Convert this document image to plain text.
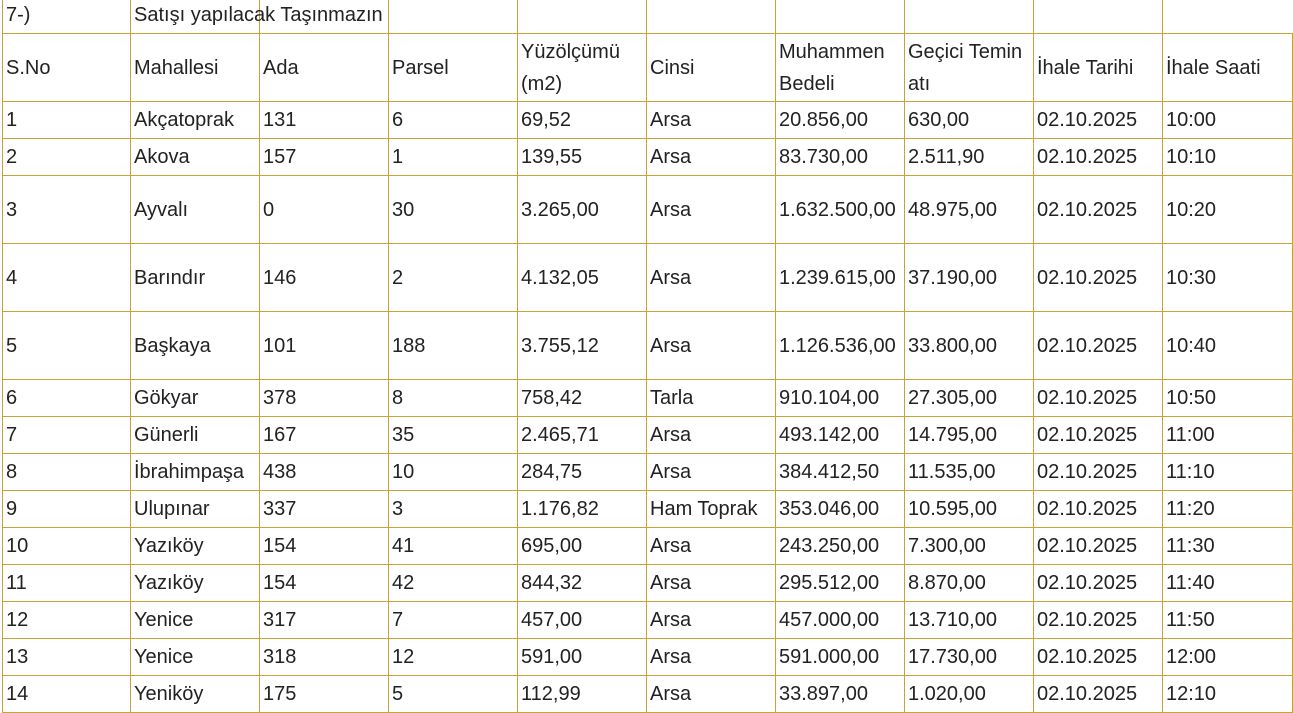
7-)	Satışı yapılacak Taşınmazın								
S.No	Mahallesi	Ada	Parsel	Yüzölçümü (m2)	Cinsi	Muhammen Bedeli	Geçici Teminatı	İhale Tarihi	İhale Saati
1	Akçatoprak	131	6	69,52	Arsa	20.856,00	630,00	02.10.2025	10:00
2	Akova	157	1	139,55	Arsa	83.730,00	2.511,90	02.10.2025	10:10
3	Ayvalı	0	30	3.265,00	Arsa	1.632.500,00	48.975,00	02.10.2025	10:20
4	Barındır	146	2	4.132,05	Arsa	1.239.615,00	37.190,00	02.10.2025	10:30
5	Başkaya	101	188	3.755,12	Arsa	1.126.536,00	33.800,00	02.10.2025	10:40
6	Gökyar	378	8	758,42	Tarla	910.104,00	27.305,00	02.10.2025	10:50
7	Günerli	167	35	2.465,71	Arsa	493.142,00	14.795,00	02.10.2025	11:00
8	İbrahimpaşa	438	10	284,75	Arsa	384.412,50	11.535,00	02.10.2025	11:10
9	Ulupınar	337	3	1.176,82	Ham Toprak	353.046,00	10.595,00	02.10.2025	11:20
10	Yazıköy	154	41	695,00	Arsa	243.250,00	7.300,00	02.10.2025	11:30
11	Yazıköy	154	42	844,32	Arsa	295.512,00	8.870,00	02.10.2025	11:40
12	Yenice	317	7	457,00	Arsa	457.000,00	13.710,00	02.10.2025	11:50
13	Yenice	318	12	591,00	Arsa	591.000,00	17.730,00	02.10.2025	12:00
14	Yeniköy	175	5	112,99	Arsa	33.897,00	1.020,00	02.10.2025	12:10
